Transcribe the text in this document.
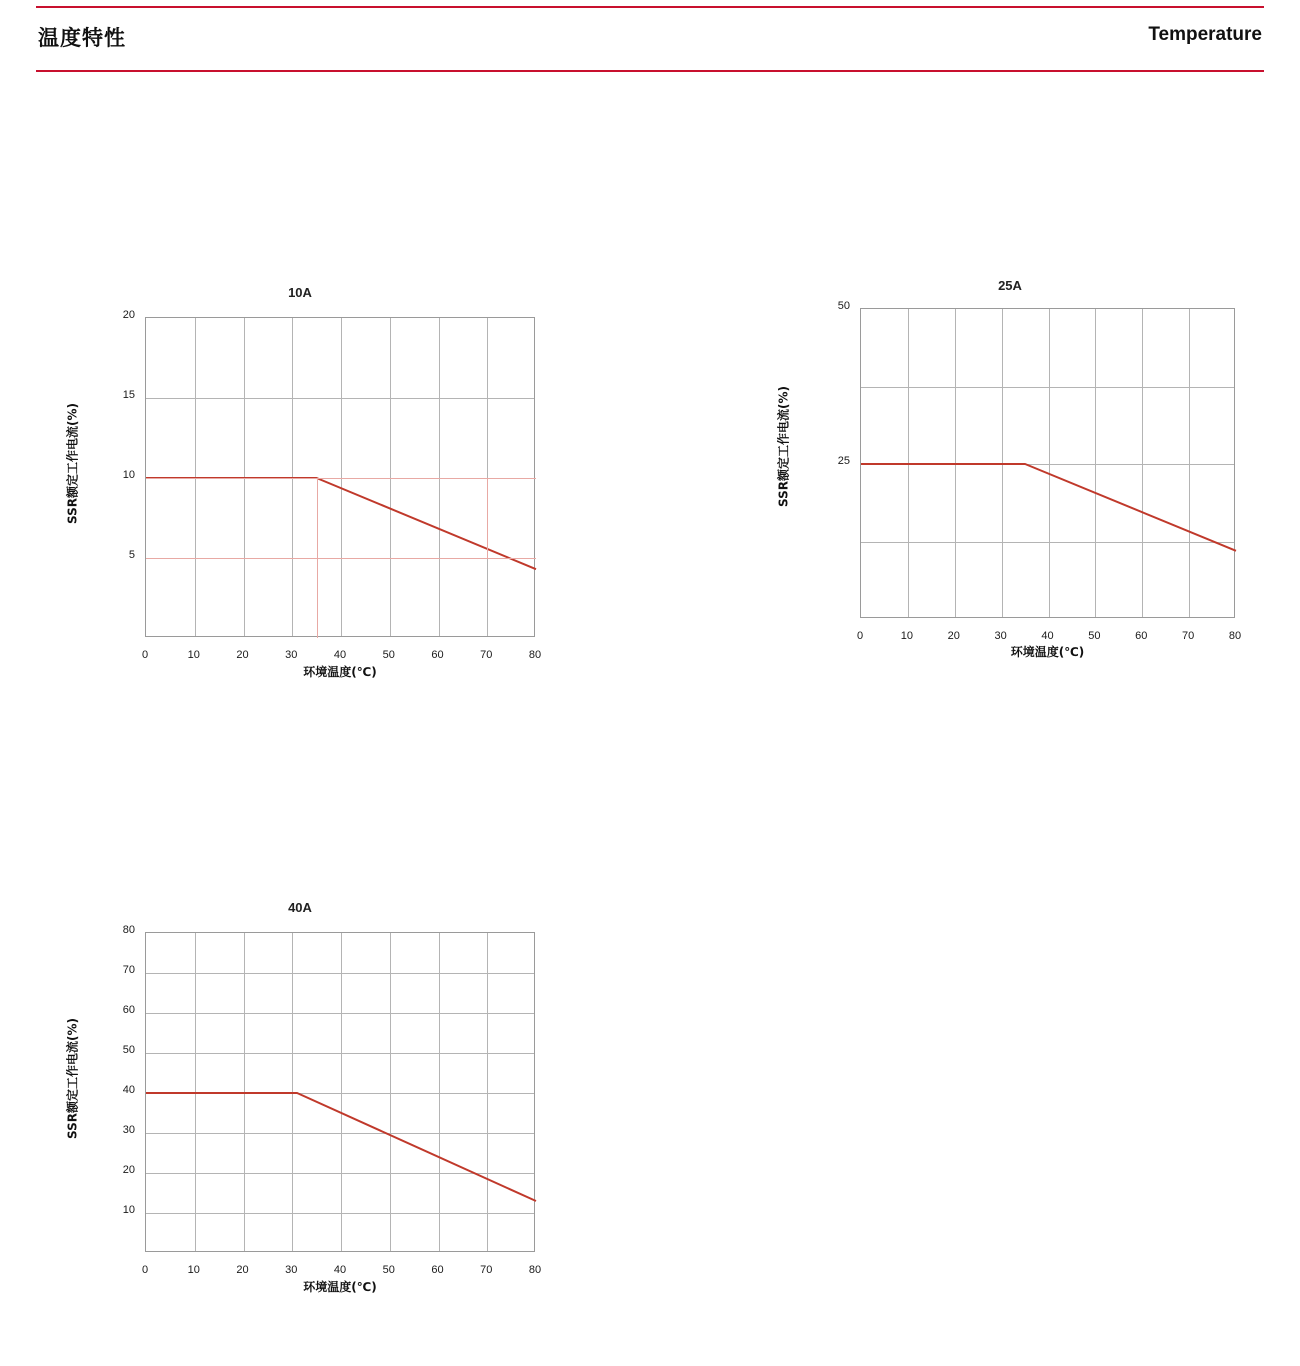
温度特性	Temperature
10A
SSR额定工作电流(%)
环境温度(℃)
5
10
15
20
0	10	20	30	40	50	60	70	80
25A
SSR额定工作电流(%)
环境温度(℃)
25
50
0	10	20	30	40	50	60	70	80
40A
SSR额定工作电流(%)
环境温度(℃)
10
20
30
40
50
60
70
80
0	10	20	30	40	50	60	70	80
